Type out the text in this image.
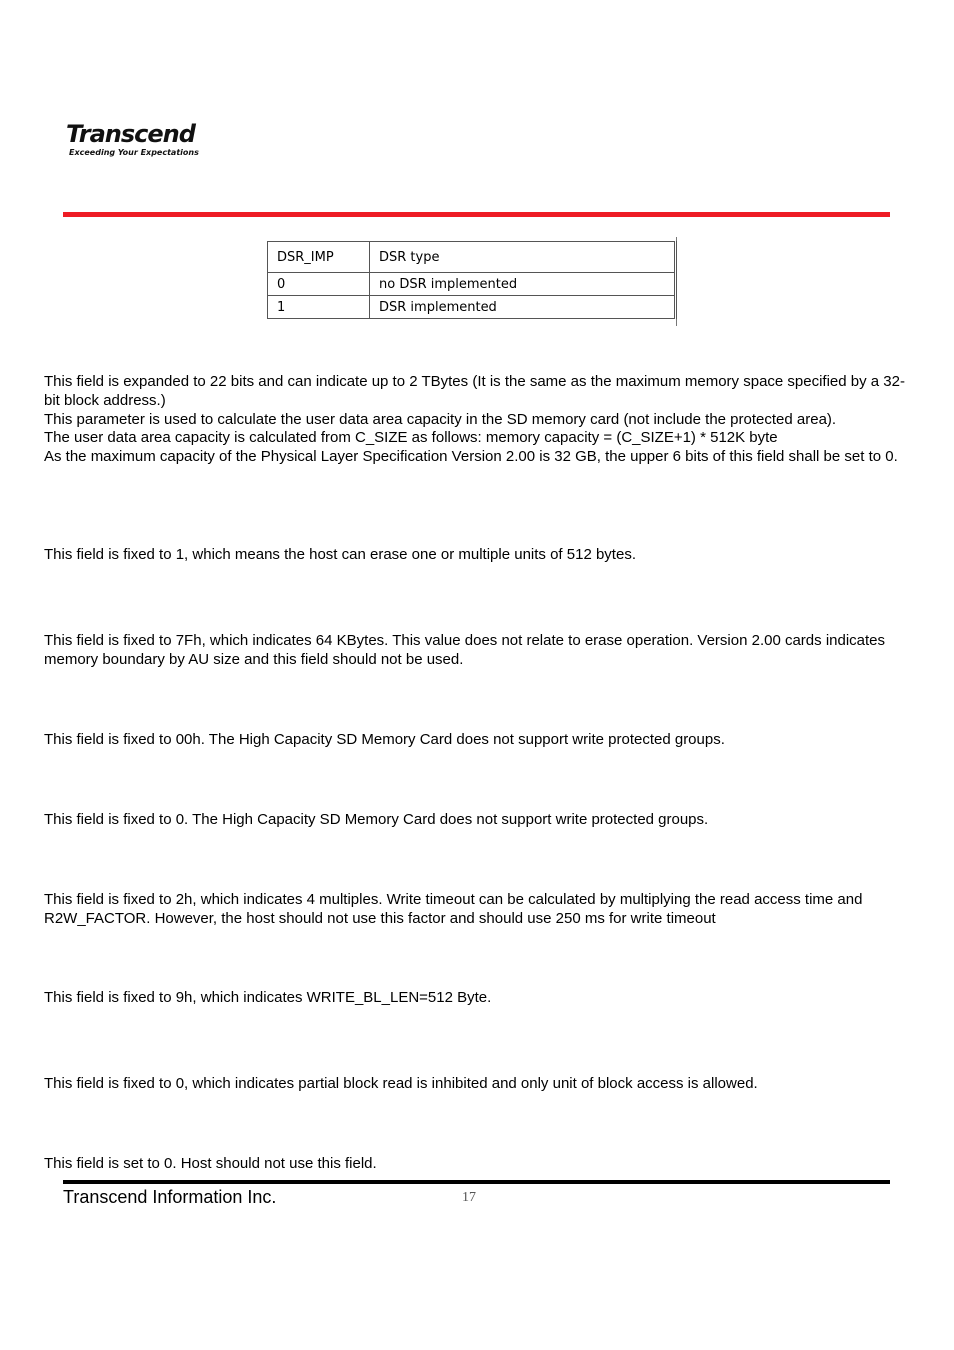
Transcend
Exceeding Your Expectations
DSR_IMP	DSR type
0	no DSR implemented
1	DSR implemented
This field is expanded to 22 bits and can indicate up to 2 TBytes (It is the same as the maximum memory space specified by a 32-bit block address.)
This parameter is used to calculate the user data area capacity in the SD memory card (not include the protected area).
The user data area capacity is calculated from C_SIZE as follows: memory capacity = (C_SIZE+1) * 512K byte
As the maximum capacity of the Physical Layer Specification Version 2.00 is 32 GB, the upper 6 bits of this field shall be set to 0.
This field is fixed to 1, which means the host can erase one or multiple units of 512 bytes.
This field is fixed to 7Fh, which indicates 64 KBytes. This value does not relate to erase operation. Version 2.00 cards indicates memory boundary by AU size and this field should not be used.
This field is fixed to 00h. The High Capacity SD Memory Card does not support write protected groups.
This field is fixed to 0. The High Capacity SD Memory Card does not support write protected groups.
This field is fixed to 2h, which indicates 4 multiples. Write timeout can be calculated by multiplying the read access time and R2W_FACTOR. However, the host should not use this factor and should use 250 ms for write timeout
This field is fixed to 9h, which indicates WRITE_BL_LEN=512 Byte.
This field is fixed to 0, which indicates partial block read is inhibited and only unit of block access is allowed.
This field is set to 0. Host should not use this field.
Transcend Information Inc.	17
